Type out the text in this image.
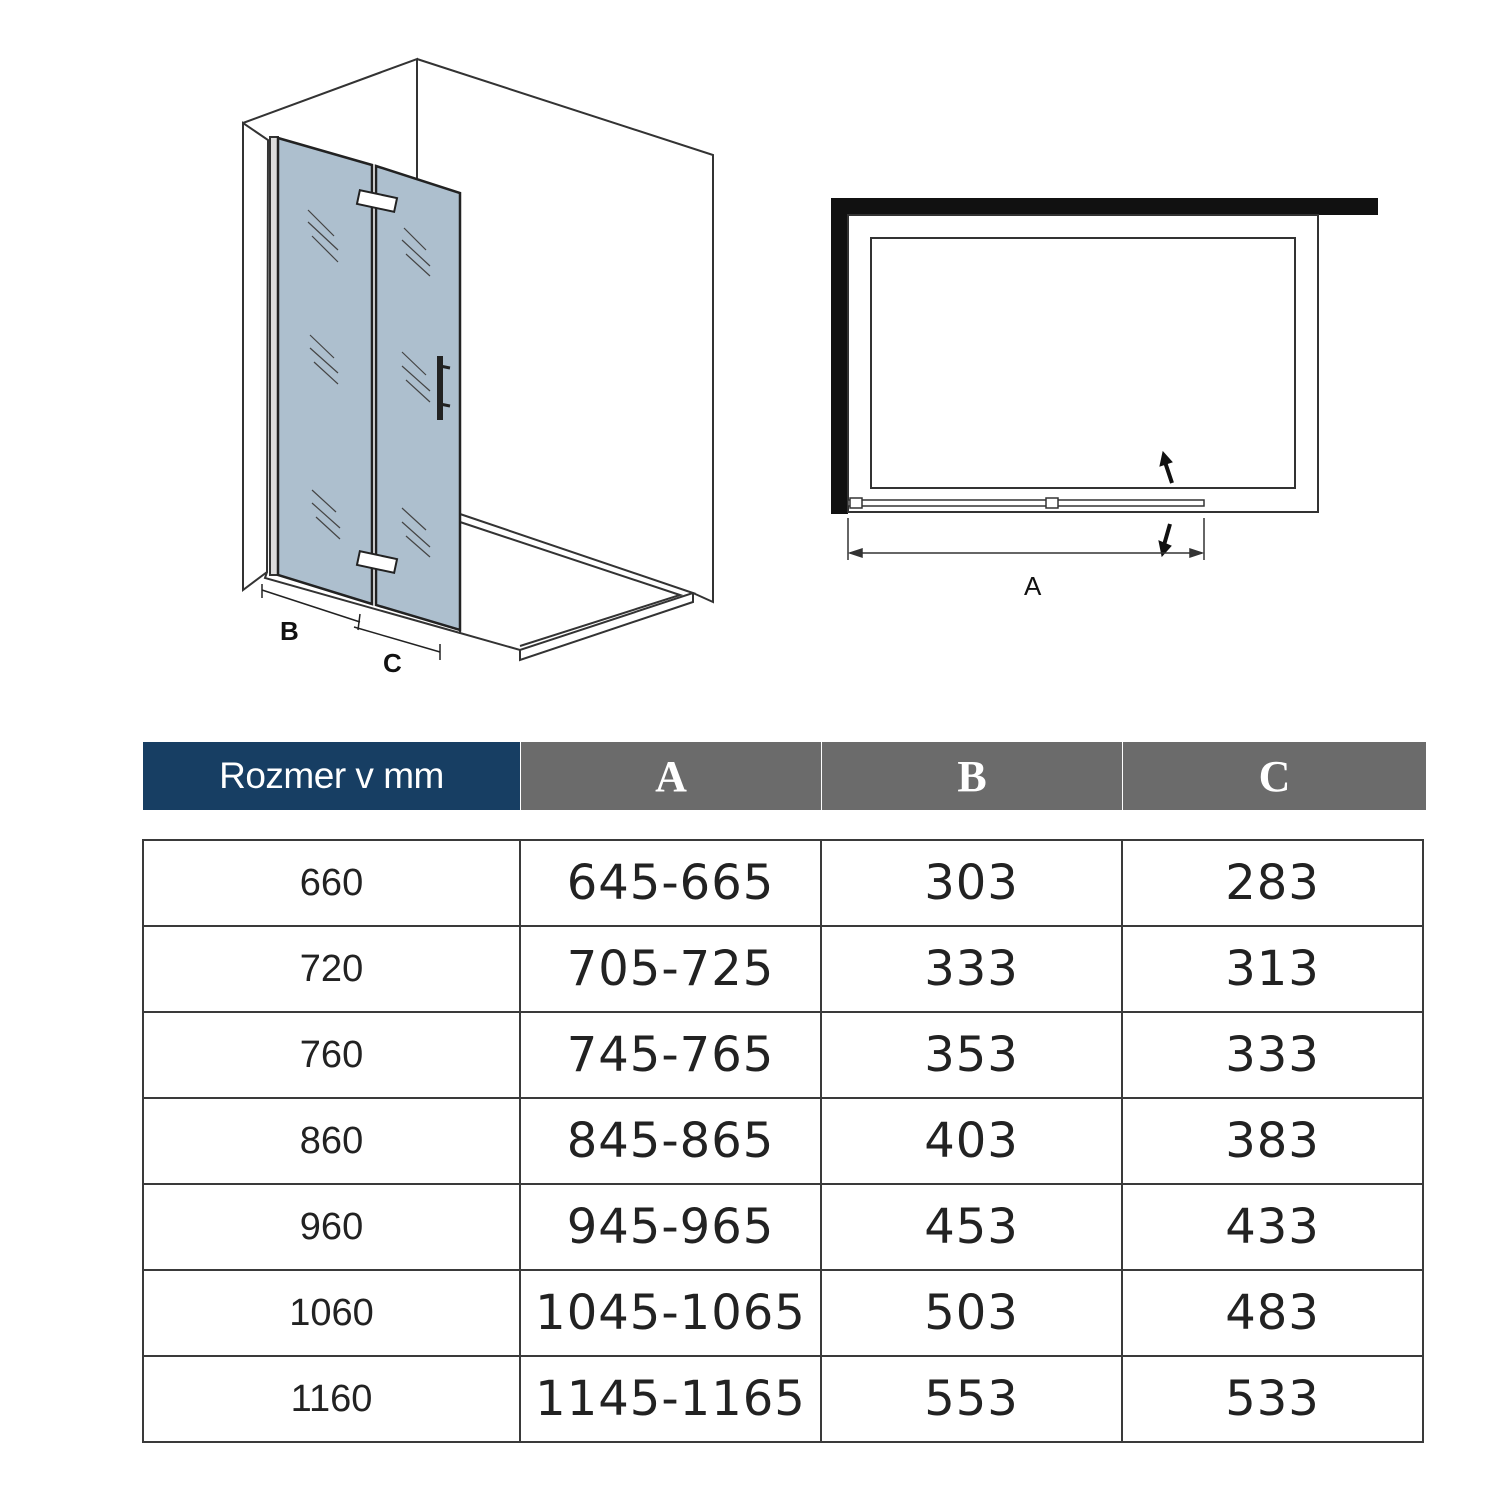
B
C
A
Rozmer v mm	A	B	C
660	645-665	303	283
720	705-725	333	313
760	745-765	353	333
860	845-865	403	383
960	945-965	453	433
1060	1045-1065	503	483
1160	1145-1165	553	533
